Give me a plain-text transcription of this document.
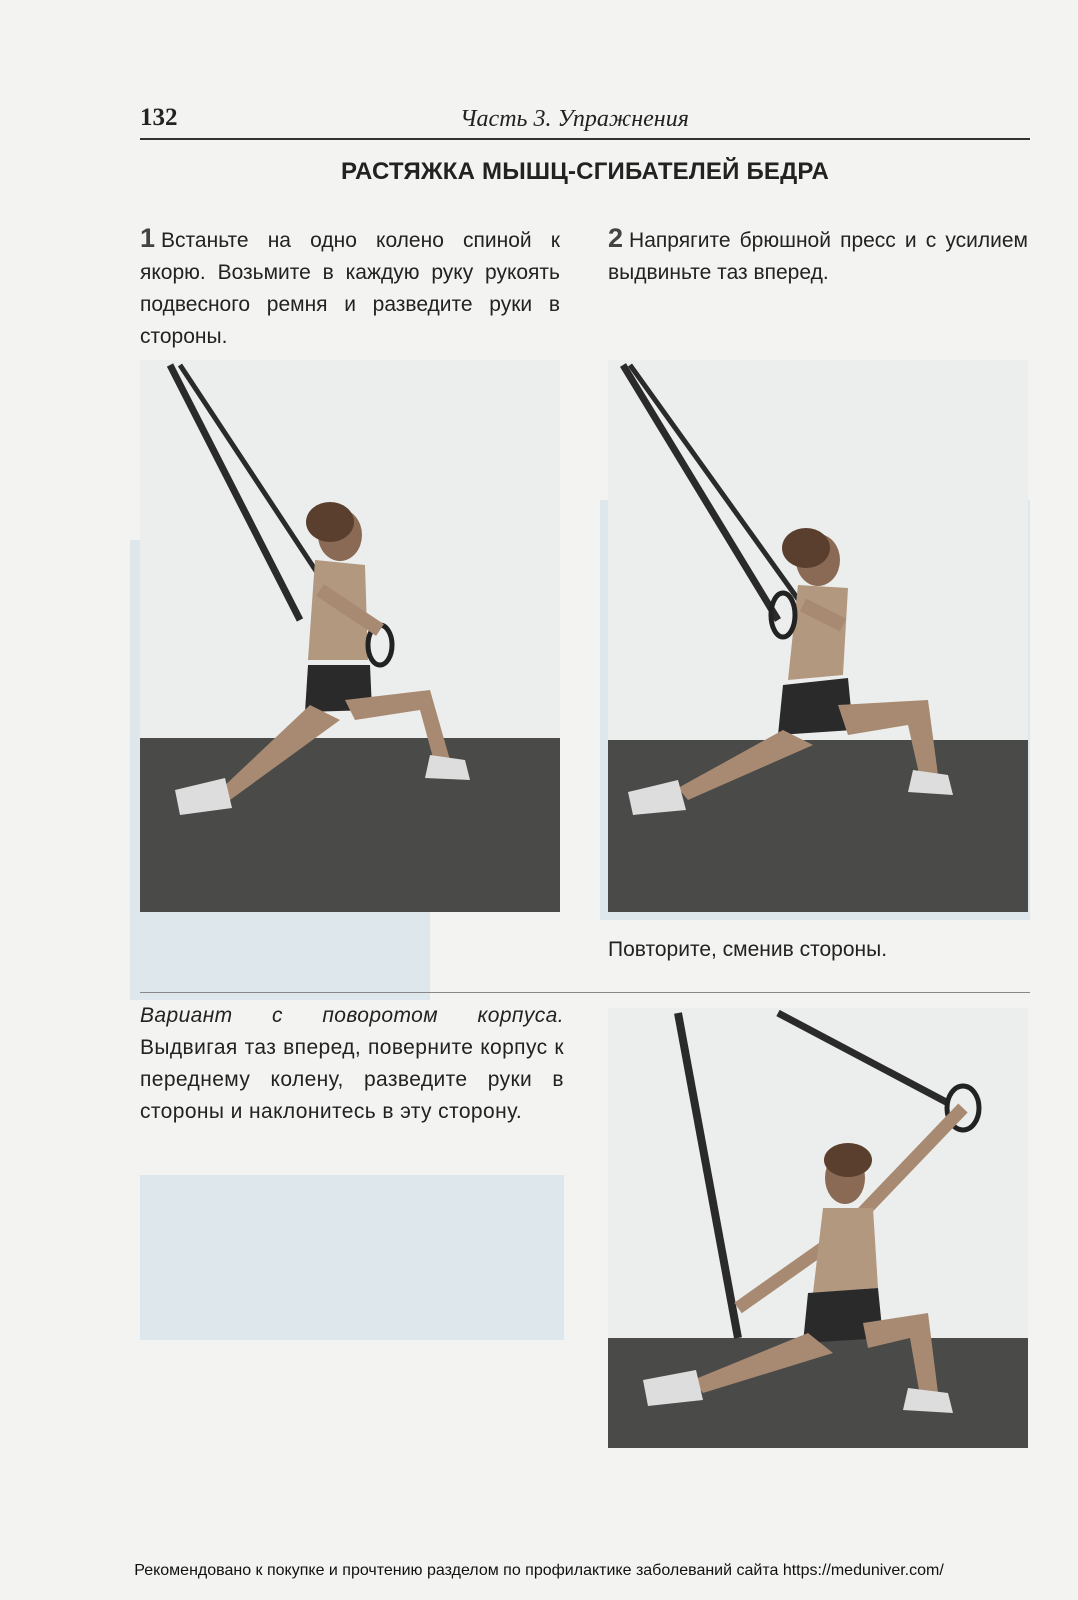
132	Часть 3. Упражнения
РАСТЯЖКА МЫШЦ-СГИБАТЕЛЕЙ БЕДРА
1 Встаньте на одно колено спиной к якорю. Возьмите в каждую руку рукоять подвесного ремня и разведите руки в стороны.
2 Напрягите брюшной пресс и с усилием выдвиньте таз вперед.
Повторите, сменив стороны.
Вариант с поворотом корпуса. Выдвигая таз вперед, поверните корпус к переднему колену, разведите руки в стороны и наклонитесь в эту сторону.
Рекомендовано к покупке и прочтению разделом по профилактике заболеваний сайта https://meduniver.com/
